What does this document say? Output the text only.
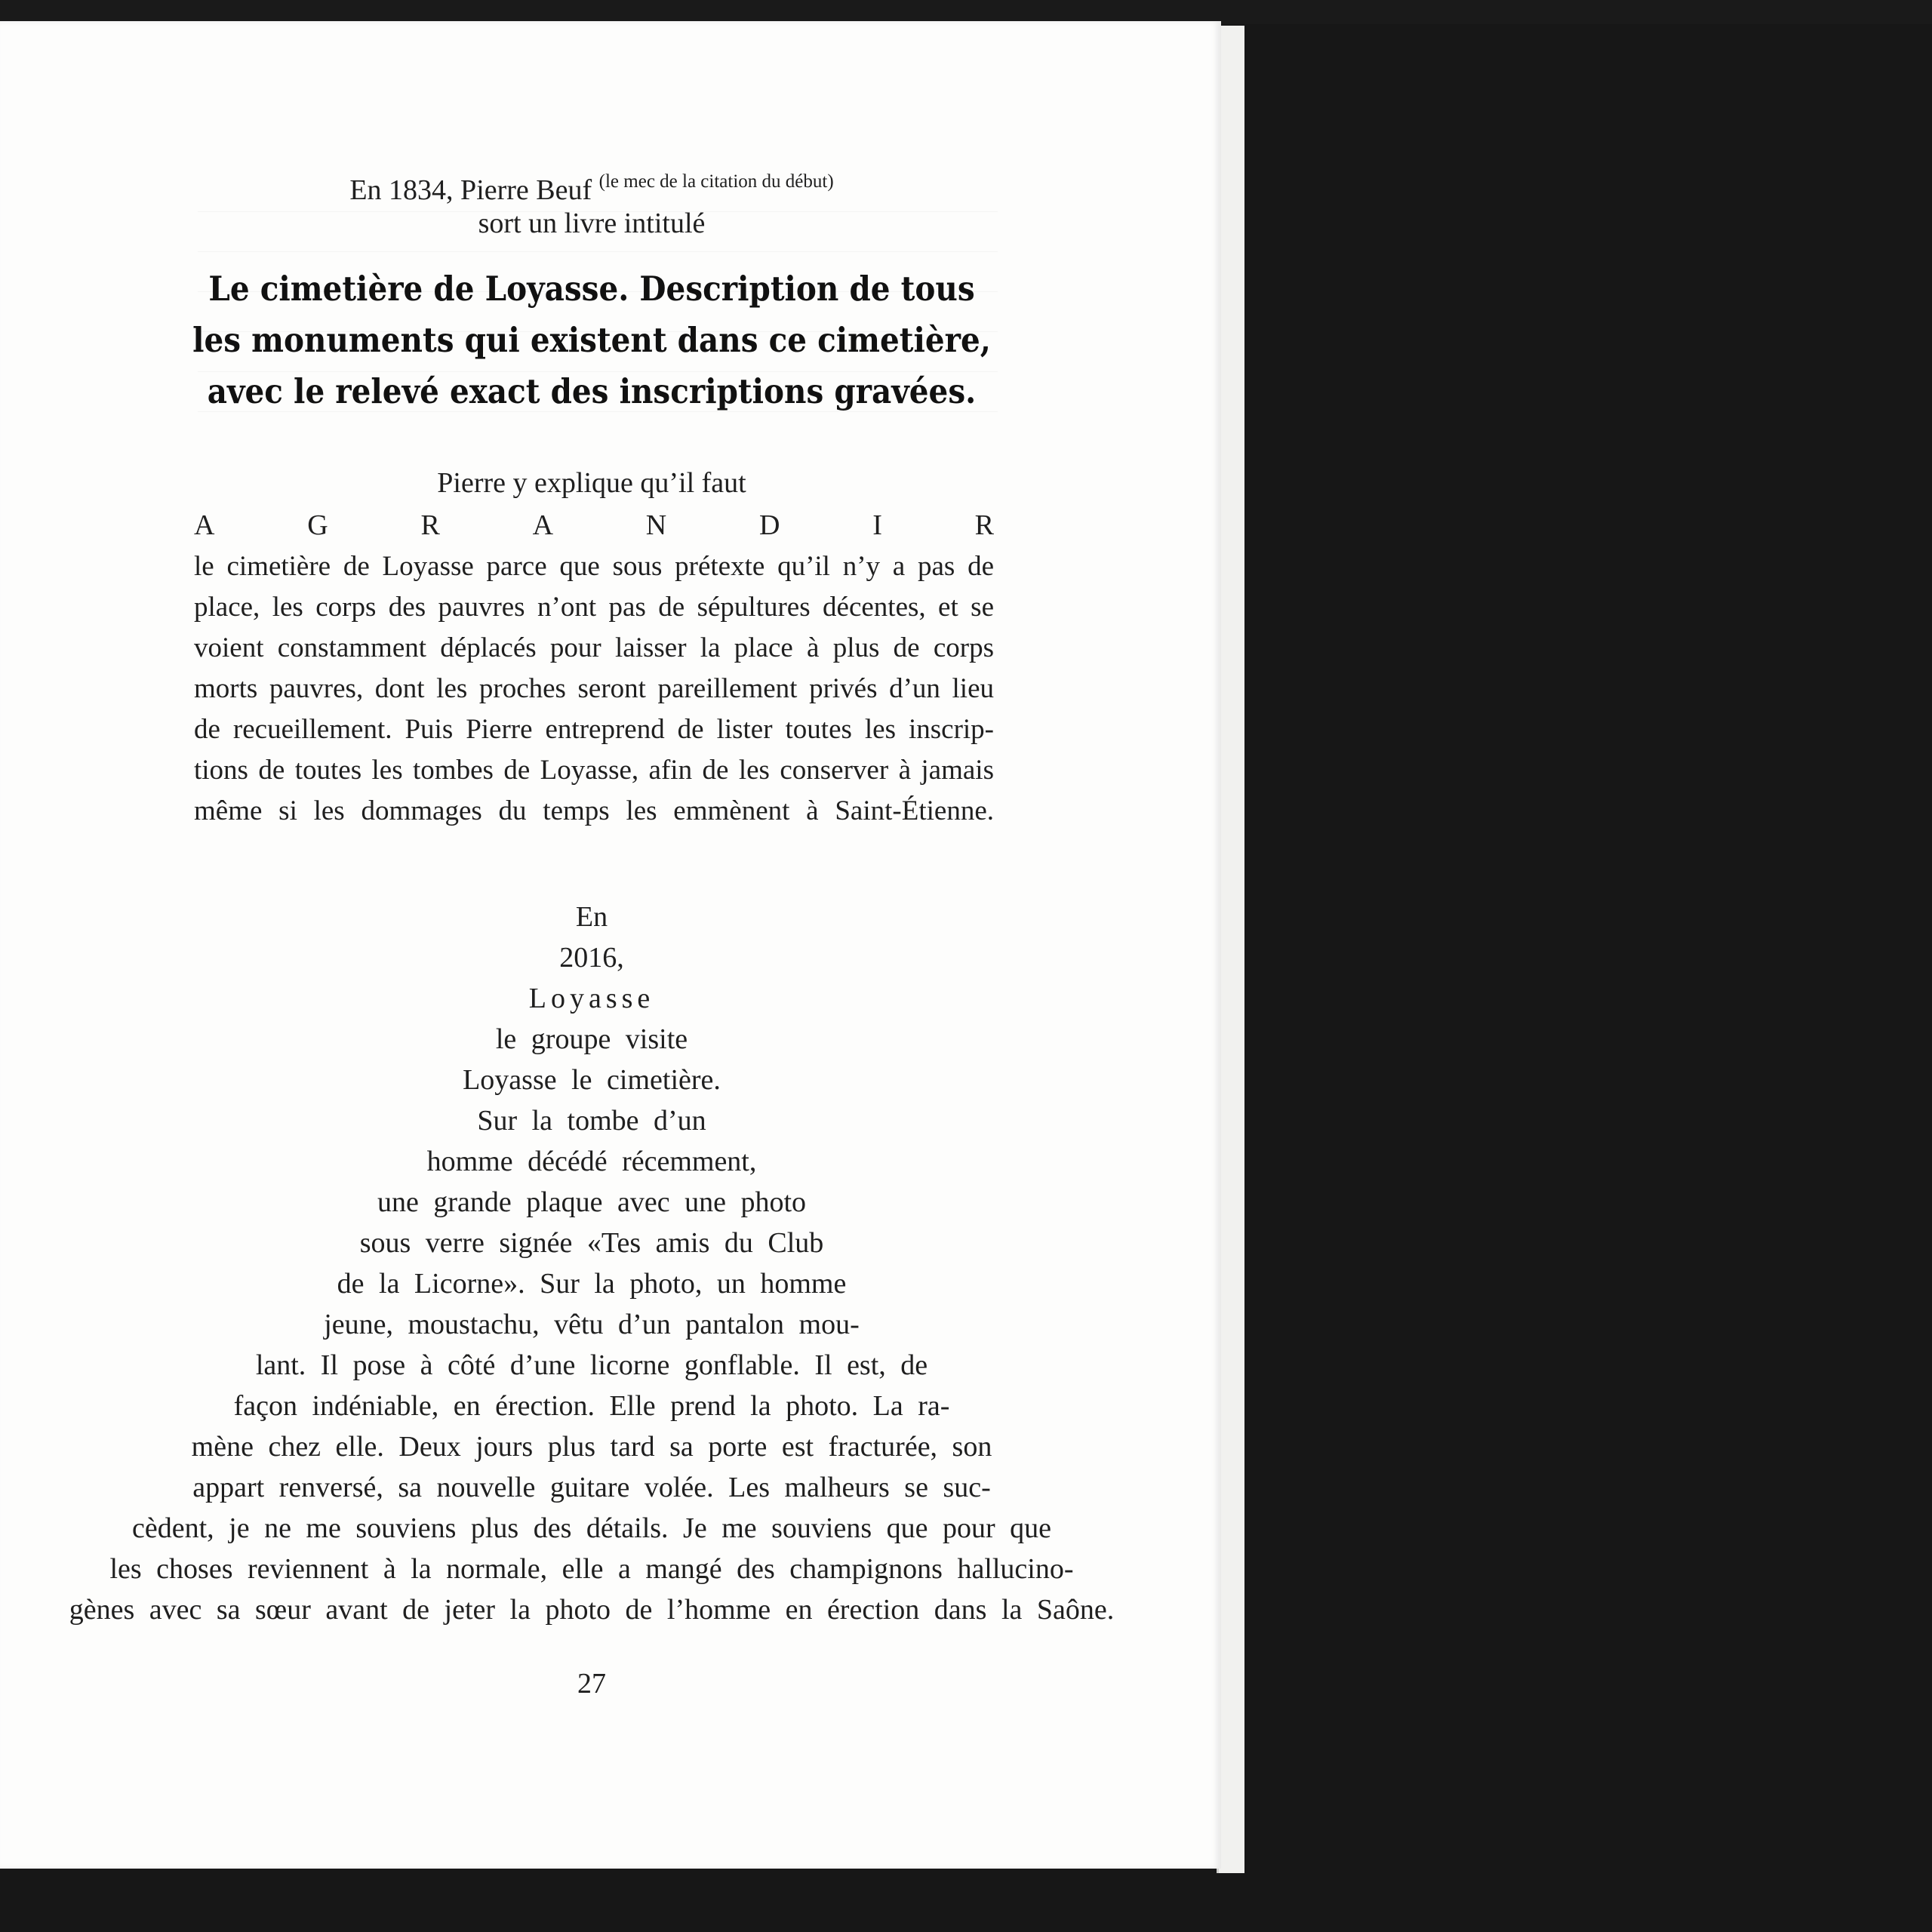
En 1834, Pierre Beuf $^{(le mec de la citation du début)}$
sort un livre intitulé
Le cimetière de Loyasse. Description de tous
les monuments qui existent dans ce cimetière,
avec le relevé exact des inscriptions gravées.
Pierre y explique qu’il faut
A	G	R	A	N	D	I	R
le cimetière de Loyasse parce que sous prétexte qu’il n’y a pas de
place, les corps des pauvres n’ont pas de sépultures décentes, et se
voient constamment déplacés pour laisser la place à plus de corps
morts pauvres, dont les proches seront pareillement privés d’un lieu
de recueillement. Puis Pierre entreprend de lister toutes les inscrip-
tions de toutes les tombes de Loyasse, afin de les conserver à jamais
même si les dommages du temps les emmènent à Saint-Étienne.
En
2016,
Loyasse
le groupe visite
Loyasse le cimetière.
Sur la tombe d’un
homme décédé récemment,
une grande plaque avec une photo
sous verre signée «Tes amis du Club
de la Licorne». Sur la photo, un homme
jeune, moustachu, vêtu d’un pantalon mou-
lant. Il pose à côté d’une licorne gonflable. Il est, de
façon indéniable, en érection. Elle prend la photo. La ra-
mène chez elle. Deux jours plus tard sa porte est fracturée, son
appart renversé, sa nouvelle guitare volée. Les malheurs se suc-
cèdent, je ne me souviens plus des détails. Je me souviens que pour que
les choses reviennent à la normale, elle a mangé des champignons hallucino-
gènes avec sa sœur avant de jeter la photo de l’homme en érection dans la Saône.
27
